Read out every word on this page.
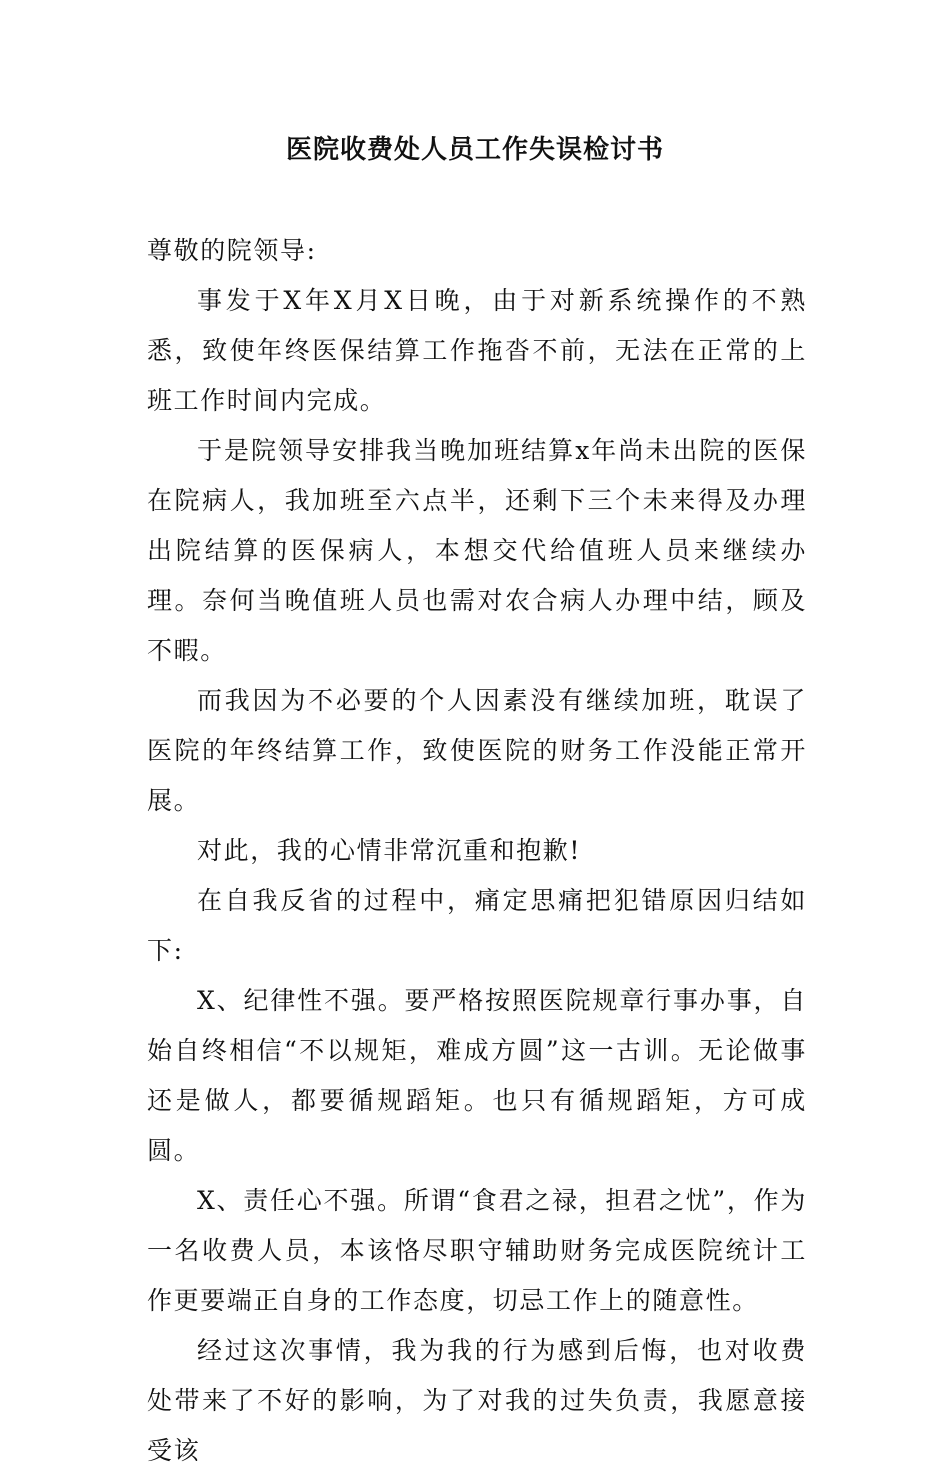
医院收费处人员工作失误检讨书

尊敬的院领导:

事发于X年X月X日晚，由于对新系统操作的不熟悉，致使年终医保结算工作拖沓不前，无法在正常的上班工作时间内完成。

于是院领导安排我当晚加班结算x年尚未出院的医保在院病人，我加班至六点半，还剩下三个未来得及办理出院结算的医保病人，本想交代给值班人员来继续办理。奈何当晚值班人员也需对农合病人办理中结，顾及不暇。

而我因为不必要的个人因素没有继续加班，耽误了医院的年终结算工作，致使医院的财务工作没能正常开展。

对此，我的心情非常沉重和抱歉!

在自我反省的过程中，痛定思痛把犯错原因归结如下:

X、纪律性不强。要严格按照医院规章行事办事，自始自终相信“不以规矩，难成方圆”这一古训。无论做事还是做人，都要循规蹈矩。也只有循规蹈矩，方可成圆。

X、责任心不强。所谓“食君之禄，担君之忧”，作为一名收费人员，本该恪尽职守辅助财务完成医院统计工作更要端正自身的工作态度，切忌工作上的随意性。

经过这次事情，我为我的行为感到后悔，也对收费处带来了不好的影响，为了对我的过失负责，我愿意接受该
